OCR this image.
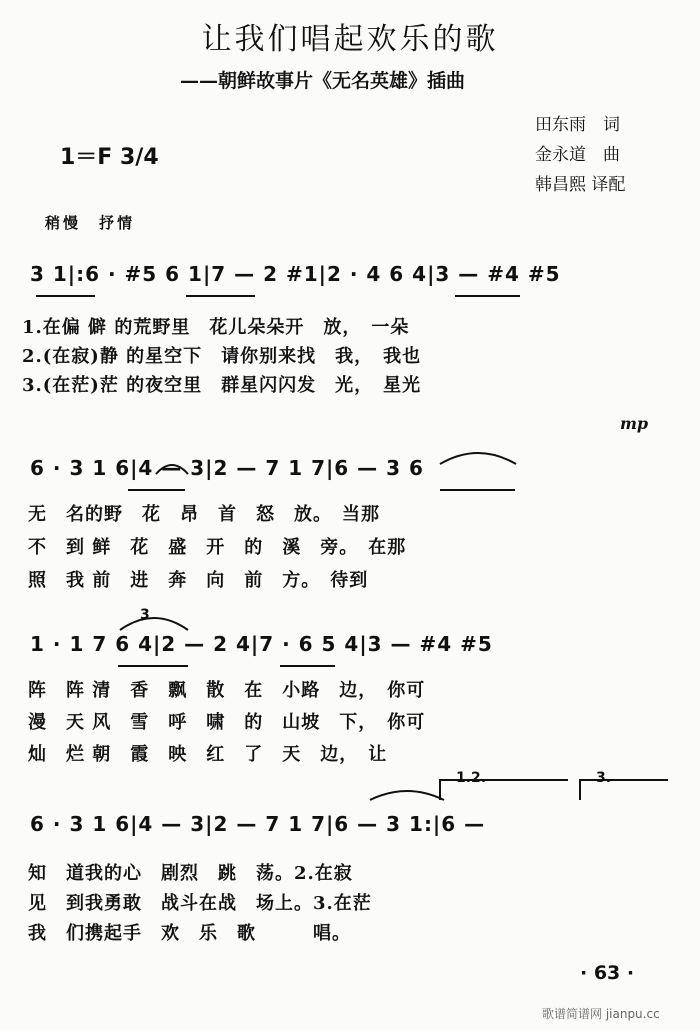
让我们唱起欢乐的歌
——朝鲜故事片《无名英雄》插曲
田东雨　词
金永道　曲
韩昌熙 译配
1＝F 3/4
稍慢　抒情
mp
3 1|:6 · #5 6 1|7 — 2 #1|2 · 4 6 4|3 — #4 #5
1.在偏 僻 的荒野里　花儿朵朵开　放，　一朵
2.(在寂)静 的星空下　请你别来找　我，　我也
3.(在茫)茫 的夜空里　群星闪闪发　光，　星光
6 · 3 1 6|4 — 3|2 — 7 1 7|6 — 3 6
无　名的野　花　昂　首　怒　放。　当那
不　到 鲜　花　盛　开　的　溪　旁。　在那
照　我 前　进　奔　向　前　方。　待到
1 · 1 7 6 4|2 — 2 4|7 · 6 5 4|3 — #4 #5
3
阵　阵 清　香　飘　散　在　小路　边，　你可
漫　天 风　雪　呼　啸　的　山坡　下，　你可
灿　烂 朝　霞　映　红　了　天　边，　让
1.2.	3.
6 · 3 1 6|4 — 3|2 — 7 1 7|6 — 3 1:|6 —
知　道我的心　剧烈　跳　荡。2.在寂
见　到我勇敢　战斗在战　场上。3.在茫
我　们携起手　欢　乐　歌　　　唱。
· 63 ·
歌谱简谱网 jianpu.cc
